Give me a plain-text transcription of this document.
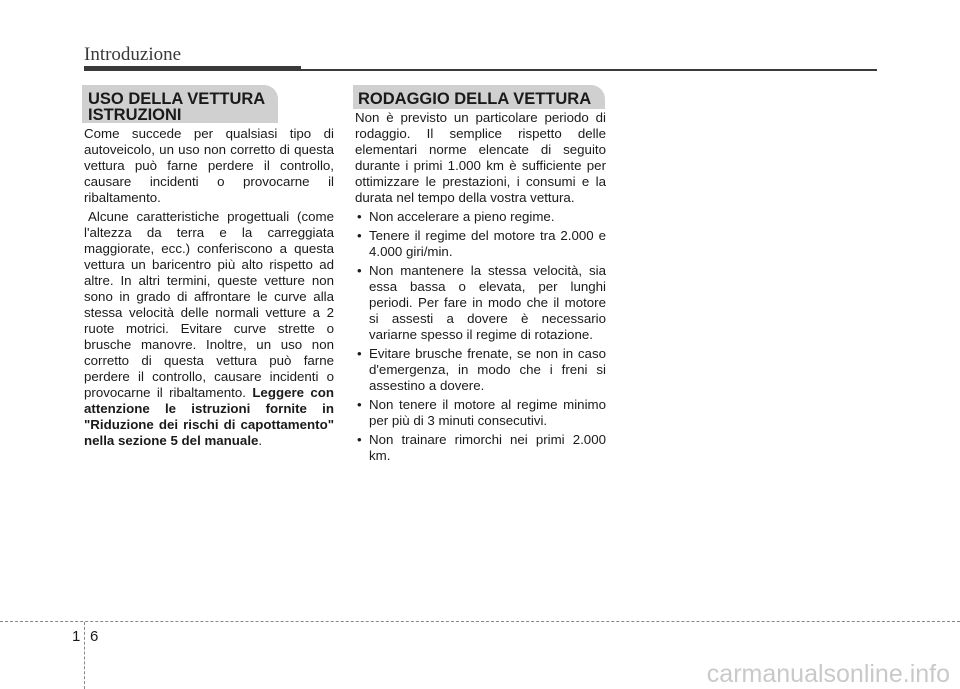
Introduzione
USO DELLA VETTURA ISTRUZIONI

Come succede per qualsiasi tipo di autoveicolo, un uso non corretto di questa vettura può farne perdere il controllo, causare incidenti o provocarne il ribaltamento.

Alcune caratteristiche progettuali (come l'altezza da terra e la carreggiata maggiorate, ecc.) conferiscono a questa vettura un baricentro più alto rispetto ad altre. In altri termini, queste vetture non sono in grado di affrontare le curve alla stessa velocità delle normali vetture a 2 ruote motrici. Evitare curve strette o brusche manovre. Inoltre, un uso non corretto di questa vettura può farne perdere il controllo, causare incidenti o provocarne il ribaltamento. Leggere con attenzione le istruzioni fornite in "Riduzione dei rischi di capottamento" nella sezione 5 del manuale.

RODAGGIO DELLA VETTURA

Non è previsto un particolare periodo di rodaggio. Il semplice rispetto delle elementari norme elencate di seguito durante i primi 1.000 km è sufficiente per ottimizzare le prestazioni, i consumi e la durata nel tempo della vostra vettura.

• Non accelerare a pieno regime.
• Tenere il regime del motore tra 2.000 e 4.000 giri/min.
• Non mantenere la stessa velocità, sia essa bassa o elevata, per lunghi periodi. Per fare in modo che il motore si assesti a dovere è necessario variarne spesso il regime di rotazione.
• Evitare brusche frenate, se non in caso d'emergenza, in modo che i freni si assestino a dovere.
• Non tenere il motore al regime minimo per più di 3 minuti consecutivi.
• Non trainare rimorchi nei primi 2.000 km.
1 6
carmanualsonline.info
